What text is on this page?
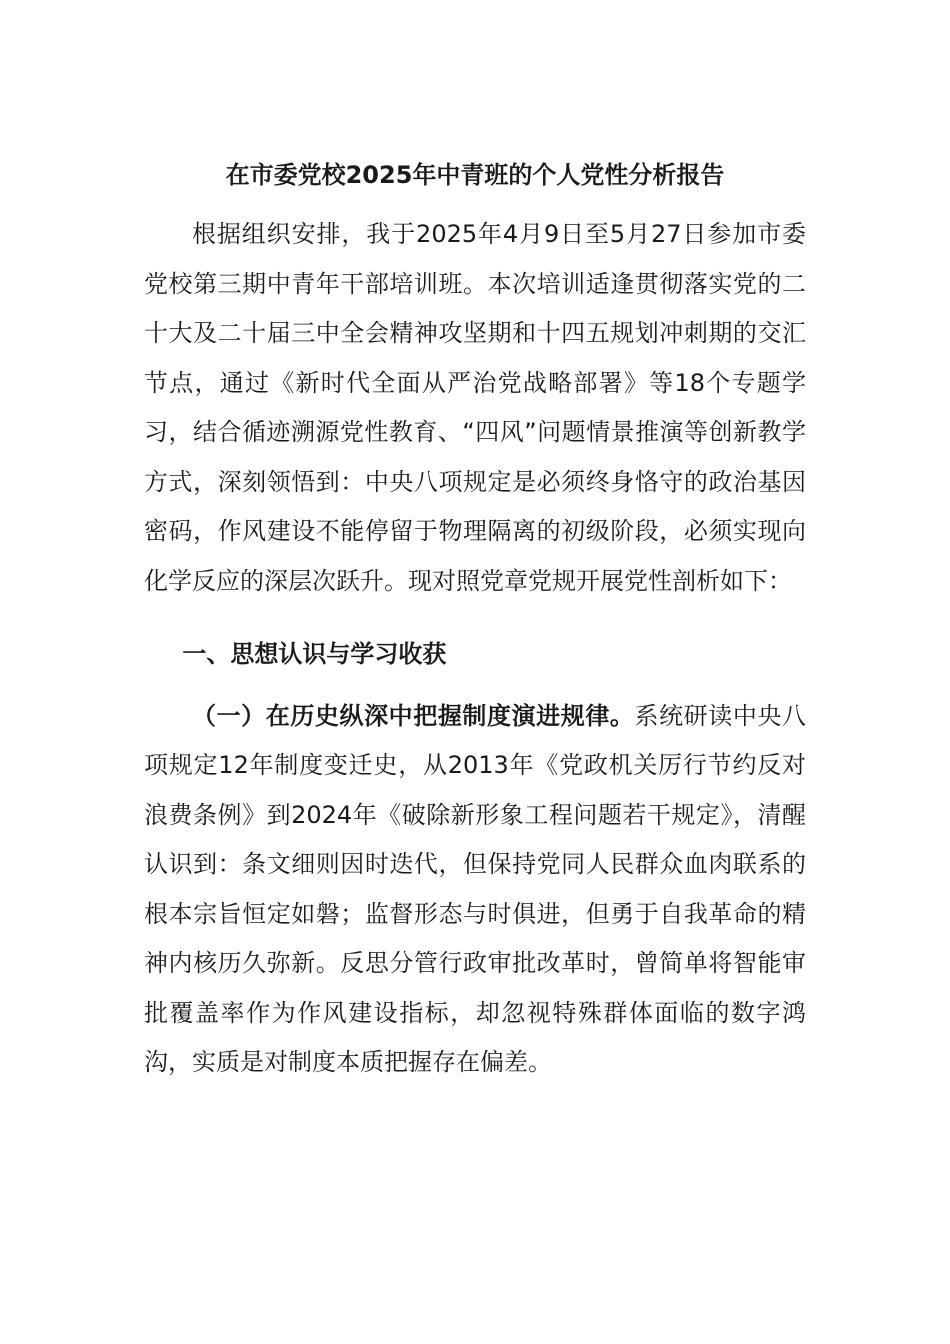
在市委党校2025年中青班的个人党性分析报告

根据组织安排，我于2025年4月9日至5月27日参加市委党校第三期中青年干部培训班。本次培训适逢贯彻落实党的二十大及二十届三中全会精神攻坚期和十四五规划冲刺期的交汇节点，通过《新时代全面从严治党战略部署》等18个专题学习，结合循迹溯源党性教育、“四风”问题情景推演等创新教学方式，深刻领悟到：中央八项规定是必须终身恪守的政治基因密码，作风建设不能停留于物理隔离的初级阶段，必须实现向化学反应的深层次跃升。现对照党章党规开展党性剖析如下：

一、思想认识与学习收获

（一）在历史纵深中把握制度演进规律。系统研读中央八项规定12年制度变迁史，从2013年《党政机关厉行节约反对浪费条例》到2024年《破除新形象工程问题若干规定》，清醒认识到：条文细则因时迭代，但保持党同人民群众血肉联系的根本宗旨恒定如磐；监督形态与时俱进，但勇于自我革命的精神内核历久弥新。反思分管行政审批改革时，曾简单将智能审批覆盖率作为作风建设指标，却忽视特殊群体面临的数字鸿沟，实质是对制度本质把握存在偏差。
